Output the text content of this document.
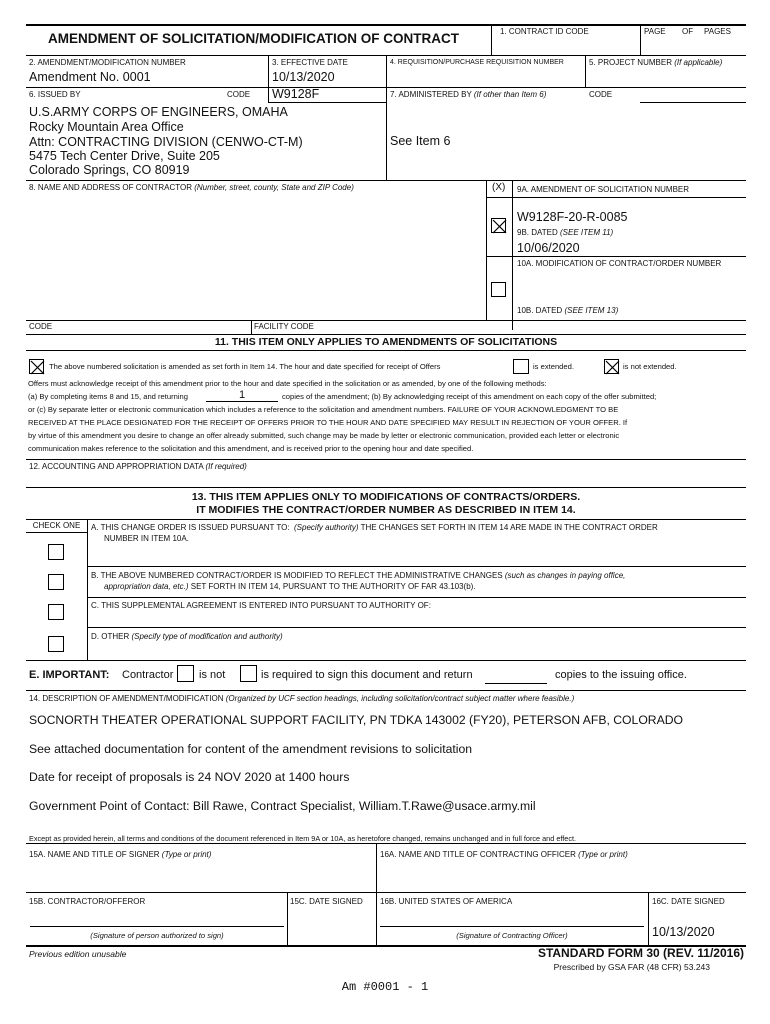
AMENDMENT OF SOLICITATION/MODIFICATION OF CONTRACT	1. CONTRACT ID CODE	PAGE OF PAGES
2. AMENDMENT/MODIFICATION NUMBER
Amendment No. 0001
3. EFFECTIVE DATE
10/13/2020
4. REQUISITION/PURCHASE REQUISITION NUMBER	5. PROJECT NUMBER (If applicable)
6. ISSUED BY	CODE W9128F	7. ADMINISTERED BY (If other than Item 6)	CODE
U.S.ARMY CORPS OF ENGINEERS, OMAHA
Rocky Mountain Area Office
Attn: CONTRACTING DIVISION (CENWO-CT-M)
5475 Tech Center Drive, Suite 205
Colorado Springs, CO 80919
See Item 6
8. NAME AND ADDRESS OF CONTRACTOR (Number, street, county, State and ZIP Code)	(X) 9A. AMENDMENT OF SOLICITATION NUMBER
W9128F-20-R-0085
9B. DATED (SEE ITEM 11)
10/06/2020
10A. MODIFICATION OF CONTRACT/ORDER NUMBER
10B. DATED (SEE ITEM 13)
CODE	FACILITY CODE
11. THIS ITEM ONLY APPLIES TO AMENDMENTS OF SOLICITATIONS
The above numbered solicitation is amended as set forth in Item 14. The hour and date specified for receipt of Offers	is extended.	is not extended.
Offers must acknowledge receipt of this amendment prior to the hour and date specified in the solicitation or as amended, by one of the following methods:
(a) By completing items 8 and 15, and returning	1	copies of the amendment; (b) By acknowledging receipt of this amendment on each copy of the offer submitted;
or (c) By separate letter or electronic communication which includes a reference to the solicitation and amendment numbers. FAILURE OF YOUR ACKNOWLEDGMENT TO BE
RECEIVED AT THE PLACE DESIGNATED FOR THE RECEIPT OF OFFERS PRIOR TO THE HOUR AND DATE SPECIFIED MAY RESULT IN REJECTION OF YOUR OFFER. If
by virtue of this amendment you desire to change an offer already submitted, such change may be made by letter or electronic communication, provided each letter or electronic
communication makes reference to the solicitation and this amendment, and is received prior to the opening hour and date specified.
12. ACCOUNTING AND APPROPRIATION DATA (If required)
13. THIS ITEM APPLIES ONLY TO MODIFICATIONS OF CONTRACTS/ORDERS.
IT MODIFIES THE CONTRACT/ORDER NUMBER AS DESCRIBED IN ITEM 14.
CHECK ONE	A. THIS CHANGE ORDER IS ISSUED PURSUANT TO: (Specify authority) THE CHANGES SET FORTH IN ITEM 14 ARE MADE IN THE CONTRACT ORDER
NUMBER IN ITEM 10A.
B. THE ABOVE NUMBERED CONTRACT/ORDER IS MODIFIED TO REFLECT THE ADMINISTRATIVE CHANGES (such as changes in paying office,
appropriation data, etc.) SET FORTH IN ITEM 14, PURSUANT TO THE AUTHORITY OF FAR 43.103(b).
C. THIS SUPPLEMENTAL AGREEMENT IS ENTERED INTO PURSUANT TO AUTHORITY OF:
D. OTHER (Specify type of modification and authority)
E. IMPORTANT: Contractor is not	is required to sign this document and return	copies to the issuing office.
14. DESCRIPTION OF AMENDMENT/MODIFICATION (Organized by UCF section headings, including solicitation/contract subject matter where feasible.)
SOCNORTH THEATER OPERATIONAL SUPPORT FACILITY, PN TDKA 143002 (FY20), PETERSON AFB, COLORADO
See attached documentation for content of the amendment revisions to solicitation
Date for receipt of proposals is 24 NOV 2020 at 1400 hours
Government Point of Contact: Bill Rawe, Contract Specialist, William.T.Rawe@usace.army.mil
Except as provided herein, all terms and conditions of the document referenced in Item 9A or 10A, as heretofore changed, remains unchanged and in full force and effect.
15A. NAME AND TITLE OF SIGNER (Type or print)	16A. NAME AND TITLE OF CONTRACTING OFFICER (Type or print)
15B. CONTRACTOR/OFFEROR	15C. DATE SIGNED 16B. UNITED STATES OF AMERICA	16C. DATE SIGNED
(Signature of person authorized to sign)	(Signature of Contracting Officer)	10/13/2020
Previous edition unusable	STANDARD FORM 30 (REV. 11/2016)
Prescribed by GSA FAR (48 CFR) 53.243
Am #0001 - 1
